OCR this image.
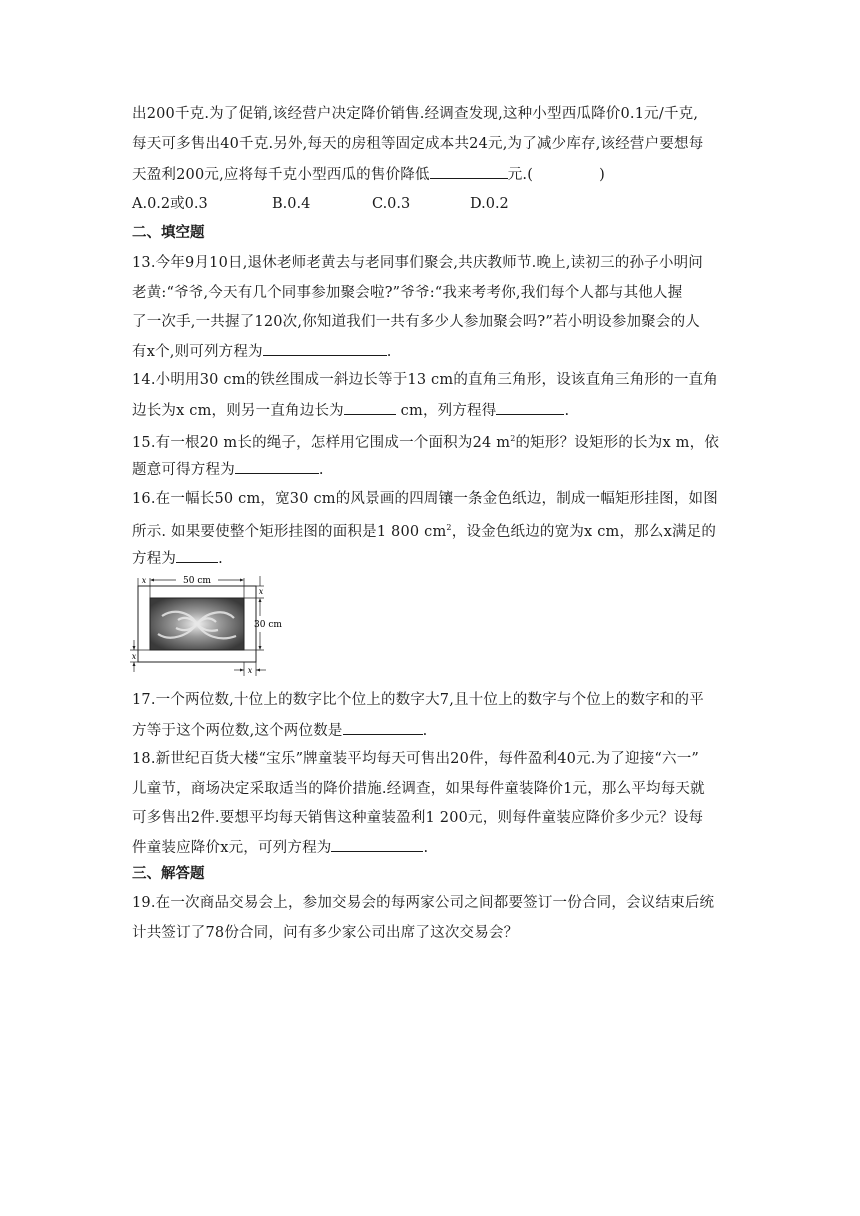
出200千克.为了促销,该经营户决定降价销售.经调查发现,这种小型西瓜降价0.1元/千克,
每天可多售出40千克.另外,每天的房租等固定成本共24元,为了减少库存,该经营户要想每
天盈利200元,应将每千克小型西瓜的售价降低	元.(	)
A.0.2或0.3	B.0.4	C.0.3	D.0.2
二、填空题
13.今年9月10日,退休老师老黄去与老同事们聚会,共庆教师节.晚上,读初三的孙子小明问
老黄:“爷爷,今天有几个同事参加聚会啦?”爷爷:“我来考考你,我们每个人都与其他人握
了一次手,一共握了120次,你知道我们一共有多少人参加聚会吗?”若小明设参加聚会的人
有x个,则可列方程为	.
14.小明用30 cm的铁丝围成一斜边长等于13 cm的直角三角形，设该直角三角形的一直角
边长为x cm，则另一直角边长为	cm，列方程得	.
15.有一根20 m长的绳子，怎样用它围成一个面积为24 $m^2$的矩形？设矩形的长为x m，依
题意可得方程为	.
16.在一幅长50 cm，宽30 cm的风景画的四周镶一条金色纸边，制成一幅矩形挂图，如图
所示. 如果要使整个矩形挂图的面积是1 800 $cm^2$，设金色纸边的宽为x cm，那么x满足的
方程为	.
50 cm
x
30 cm
x
x
x
17.一个两位数,十位上的数字比个位上的数字大7,且十位上的数字与个位上的数字和的平
方等于这个两位数,这个两位数是	.
18.新世纪百货大楼“宝乐”牌童装平均每天可售出20件，每件盈利40元.为了迎接“六一”
儿童节，商场决定采取适当的降价措施.经调查，如果每件童装降价1元，那么平均每天就
可多售出2件.要想平均每天销售这种童装盈利1 200元，则每件童装应降价多少元？设每
件童装应降价x元，可列方程为	.
三、解答题
19.在一次商品交易会上，参加交易会的每两家公司之间都要签订一份合同，会议结束后统
计共签订了78份合同，问有多少家公司出席了这次交易会？
